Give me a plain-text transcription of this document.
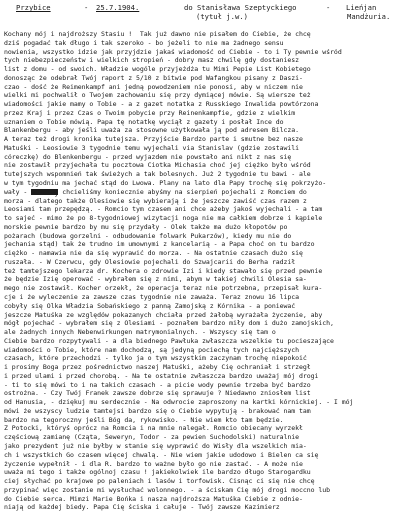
Przybice	- 25.7.1904.	do Stanisława Szeptyckiego	- Lieńjan
(tytuł j.w.)	Mandżuria.
Kochany mój i najdroższy Stasiu !  Tak już dawno nie pisałem do Ciebie, że chcę
dziś pogadać tak długo i tak szeroko - bo jeżeli to nie ma żadnego sensu
nowienia, wszystko idzie jak przyjdzie jakaś wiadomość od Ciebie - to i Ty pewnie wśród
tych niebezpieczeństw i wielkich stropień - dobry masz chwilę gdy dostaniesz
list z domu - od swoich. Władzie wogóle przyjeżdża tu Mimi Pepie List Kobietego
donosząc że odebrał Twój raport z 5/10 z bitwie pod Wafangkou pisany z Daszi-
czao - dość że Reimenkampf ani jedną powodzeniem nie ponosi, aby w niczem nie
wielki mi pochwalił o Twojem zachowaniu się przy dymiącej mówie. Są wiersze też
wiadomości jakie mamy o Tobie - a z gazet notatka z Russkiego Inwalida powtórzona
przez Kraj i przez Czas o Twoim pobycie przy Reinenkampfie, gdzie z wielkim
uznaniem o Tobie mówią. Papa tę notatkę wyciął z gazety i posłał Ince do
Blankenbergu - aby jeśli uważa za stosowne użytkowała ją pod adresem Bilcza.
A teraz też drogi kronika tutejsza. Przyjście Bardzo parte i smutne bez nasze
Matuśki - Leosiowie 3 tygodnie temu wyjechali via Stanislav (gdzie zostawili
córeczkę) do Blenkenbergu - przed wyjazdem nie powstało ani nikt z nas się
nie zostawił przyjechała tu pocztowa Ciotka Michasia choć jej ciężko było wśród
tutejszych wspomnień tak świeżych a tak bolesnych. Już 2 tygodnie tu bawi - ale
w tym tygodniu ma jechać stąd do Lwowa. Plany na lato dla Papy trochę się pokrzyżo-
wały - Wczoraj chcieliśmy koniecznie abyśmy na sierpień pojechali z Romciem do
morza - dlatego także Olesiowie się wybierają i że jeszcze zawiść czas razem z
Leosiami tam przepędzą. - Romcio tym czasem ani chce ażeby jakoś wyjechali - a tam
to sajeć - mimo że po 8-tygodniowej wizytacji noga nie ma całkiem dobrze i kąpiele
morskie pewnie bardzo by mu się przydały - Olek także ma dużo kłopotów po
pożarach (budowa gorzelni - odbudowanie folwark Pukarzów), kiedy mu nie do
jechania stąd) tak że trudno im umownymi z kancelarią - a Papa choć on tu bardzo
ciężko - namawia nie da się wyprawić do morza. - Na ostatnie czasach dużo się
ruszała. - W Czerwcu, gdy Olesiowie pojechali do Szwajcarii do Berha radził
też tamtejszego lekarza dr. Kochera o zdrowie Izi i kiedy stawało się przed pewnie
że będzie Izię operować - wybrałem się z nimi, abym w takiej chwili Olesia sa-
mego nie zostawił. Kocher orzekł, że operacja teraz nie potrzebna, przepisał kura-
cje i że wyleczenie za zawsze czas tygodnie nie zaważa. Teraz znowu 16 lipca
cobyły się Olka Władzia Sobańskiego z panną Zamojską z Kórnika - a poniewać
jeszcze Matuśka ze względów pokazanych chciała przed żałobą wyrażała życzenie, aby
mógł pojechać - wybrałem się z Olesiami - poznałem bardzo miły dom i dużo zamojskich,
ale żadnych innych Nebenwirkungen matrymonialnych. - Wszyscy się tam o
Ciebie bardzo rozpytywali - a dla biednego Pawłuka zwłaszcza wszelkie tu pocieszające
wiadomości o Tobie, które nam dochodzą, są jedyną pociechą tych najcięższych
czasach, które przechodzi - tylko ja o tym wszystkim zaczynam trochę niepokoić
i prosimy Boga przez pośrednictwo naszej Matuśki, ażeby Cię ochraniał i strzegł
i przed ulami i przed chorobą. - Na te ostatnie zwłaszcza bardzo uważaj mój drogi
- ti to się mówi to i na takich czasach - a picie wody pewnie trzeba być bardzo
ostrożna. - Czy Twój Franek zawsze dobrze się sprawuje ? Niedawno zniosłem list
od Hanusia, - dziękuj mu serdecznie - Na odwrocie zaproszony na kartki kórnickiej. - I mój
mówi że wszyscy ludzie tamtejsi bardzo się o Ciebie wypytują - brakować nam tam
bardzo na tegoroczny jeśli Bóg da, rykowisko. - Nie wiem kto tam będzie.
Z Potocki, któryś oprócz na Romcia i na mnie nalegał. Romcio obiecany wyrzekł
częściową zamianę (Cząta, Seweryn, Todor - za pewien Suchodolski) naturalnie
jako prezydent już nie byłby w stanie się wyprawić do Wisły dla wszelkich mia-
ch i wszystkich Go czasem więcej chwalą. - Nie wiem jakie udodowo i Bielen ca się
życzenie wypełnił - i dla R. bardzo to ważne było go nie zastać. - A może nie
uważa mi tego i także ogólnoj czasu ! jakiekolwiek ile bardzo długo Starogardku
ciej słychać po krajowe po paleniach i lasów i torfowisk. Cisnąc ci się nie chcę
przypinać więc zostanie mi wysłuchać wolonnego. - a ściskam Cię mój drogi moccno lub
do Ciebie serca. Mimzi Marie Bońka i nasza najdroższa Matuśka Ciebie z odnie-
niają od każdej biedy. Papa Cię ściska i całuje - Twój zawsze Kazimierz
